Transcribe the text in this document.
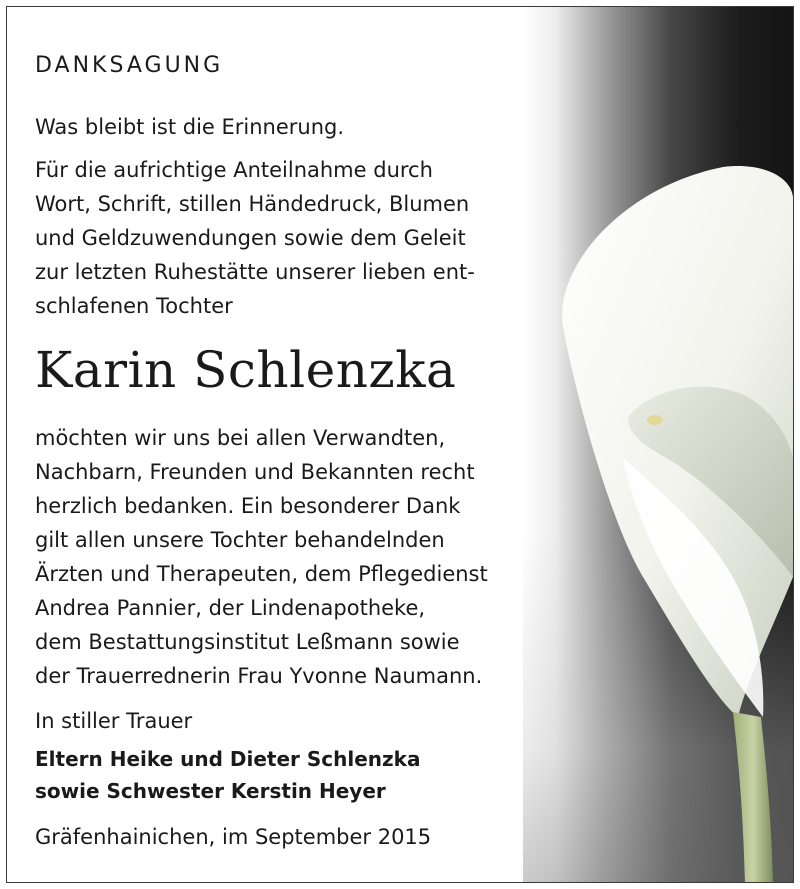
DANKSAGUNG
Was bleibt ist die Erinnerung.
Für die aufrichtige Anteilnahme durch
Wort, Schrift, stillen Händedruck, Blumen
und Geldzuwendungen sowie dem Geleit
zur letzten Ruhestätte unserer lieben ent-
schlafenen Tochter
Karin Schlenzka
möchten wir uns bei allen Verwandten,
Nachbarn, Freunden und Bekannten recht
herzlich bedanken. Ein besonderer Dank
gilt allen unsere Tochter behandelnden
Ärzten und Therapeuten, dem Pflegedienst
Andrea Pannier, der Lindenapotheke,
dem Bestattungsinstitut Leßmann sowie
der Trauerrednerin Frau Yvonne Naumann.
In stiller Trauer
Eltern Heike und Dieter Schlenzka
sowie Schwester Kerstin Heyer
Gräfenhainichen, im September 2015
